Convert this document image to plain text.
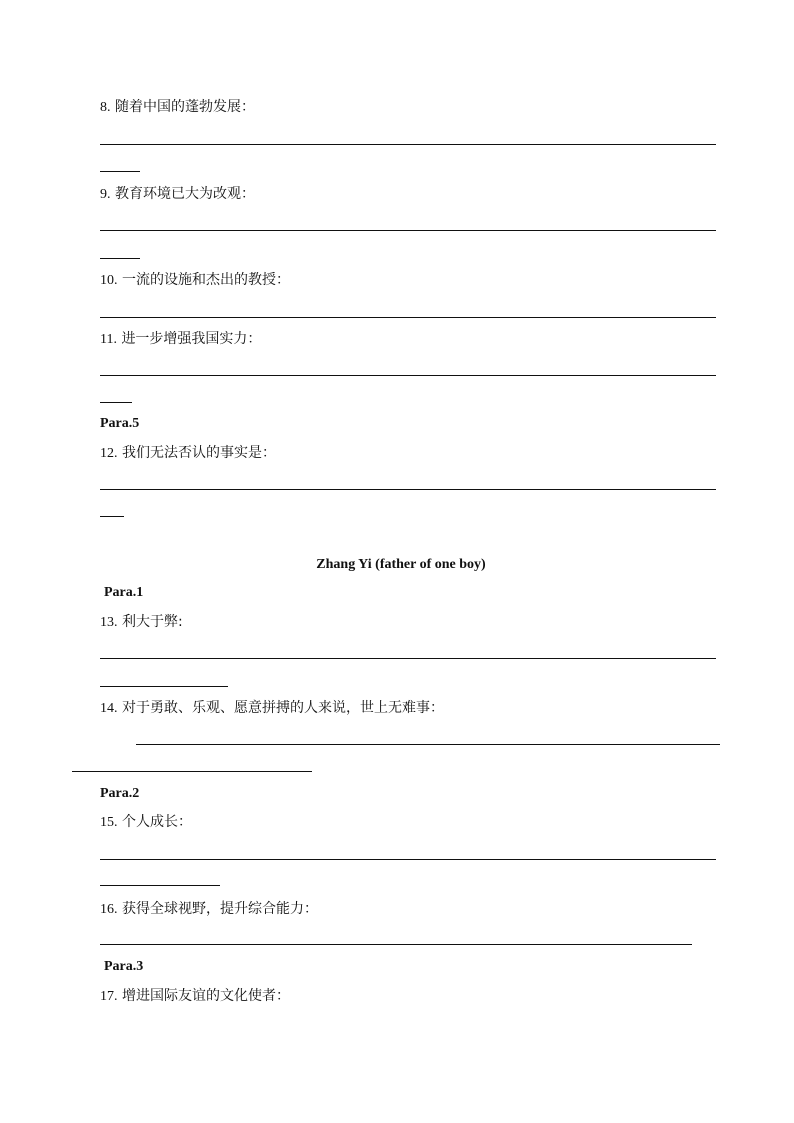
8. 随着中国的蓬勃发展：
9. 教育环境已大为改观：
10. 一流的设施和杰出的教授：
11. 进一步增强我国实力：
Para.5
12. 我们无法否认的事实是：
Zhang Yi (father of one boy)
Para.1
13. 利大于弊:
14. 对于勇敢、乐观、愿意拼搏的人来说，世上无难事：
Para.2
15. 个人成长：
16. 获得全球视野，提升综合能力：
Para.3
17. 增进国际友谊的文化使者：
